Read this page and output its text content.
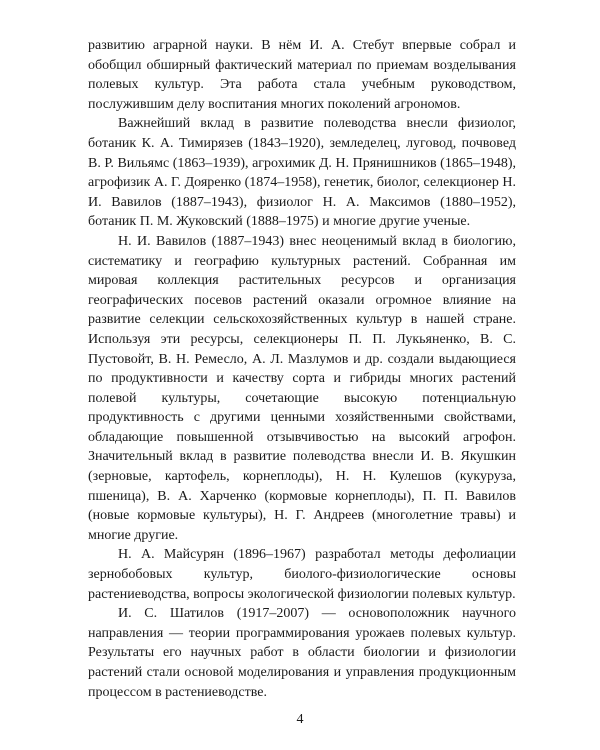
развитию аграрной науки. В нём И. А. Стебут впервые собрал и обобщил обширный фактический материал по приемам возделывания полевых культур. Эта работа стала учебным руководством, послужившим делу воспитания многих поколений агрономов.

Важнейший вклад в развитие полеводства внесли физиолог, ботаник К. А. Тимирязев (1843–1920), земледелец, луговод, почвовед В. Р. Вильямс (1863–1939), агрохимик Д. Н. Прянишников (1865–1948), агрофизик А. Г. Дояренко (1874–1958), генетик, биолог, селекционер Н. И. Вавилов (1887–1943), физиолог Н. А. Максимов (1880–1952), ботаник П. М. Жуковский (1888–1975) и многие другие ученые.

Н. И. Вавилов (1887–1943) внес неоценимый вклад в биологию, систематику и географию культурных растений. Собранная им мировая коллекция растительных ресурсов и организация географических посевов растений оказали огромное влияние на развитие селекции сельскохозяйственных культур в нашей стране. Используя эти ресурсы, селекционеры П. П. Лукьяненко, В. С. Пустовойт, В. Н. Ремесло, А. Л. Мазлумов и др. создали выдающиеся по продуктивности и качеству сорта и гибриды многих растений полевой культуры, сочетающие высокую потенциальную продуктивность с другими ценными хозяйственными свойствами, обладающие повышенной отзывчивостью на высокий агрофон. Значительный вклад в развитие полеводства внесли И. В. Якушкин (зерновые, картофель, корнеплоды), Н. Н. Кулешов (кукуруза, пшеница), В. А. Харченко (кормовые корнеплоды), П. П. Вавилов (новые кормовые культуры), Н. Г. Андреев (многолетние травы) и многие другие.

Н. А. Майсурян (1896–1967) разработал методы дефолиации зернобобовых культур, биолого-физиологические основы растениеводства, вопросы экологической физиологии полевых культур.

И. С. Шатилов (1917–2007) — основоположник научного направления — теории программирования урожаев полевых культур. Результаты его научных работ в области биологии и физиологии растений стали основой моделирования и управления продукционным процессом в растениеводстве.

4
